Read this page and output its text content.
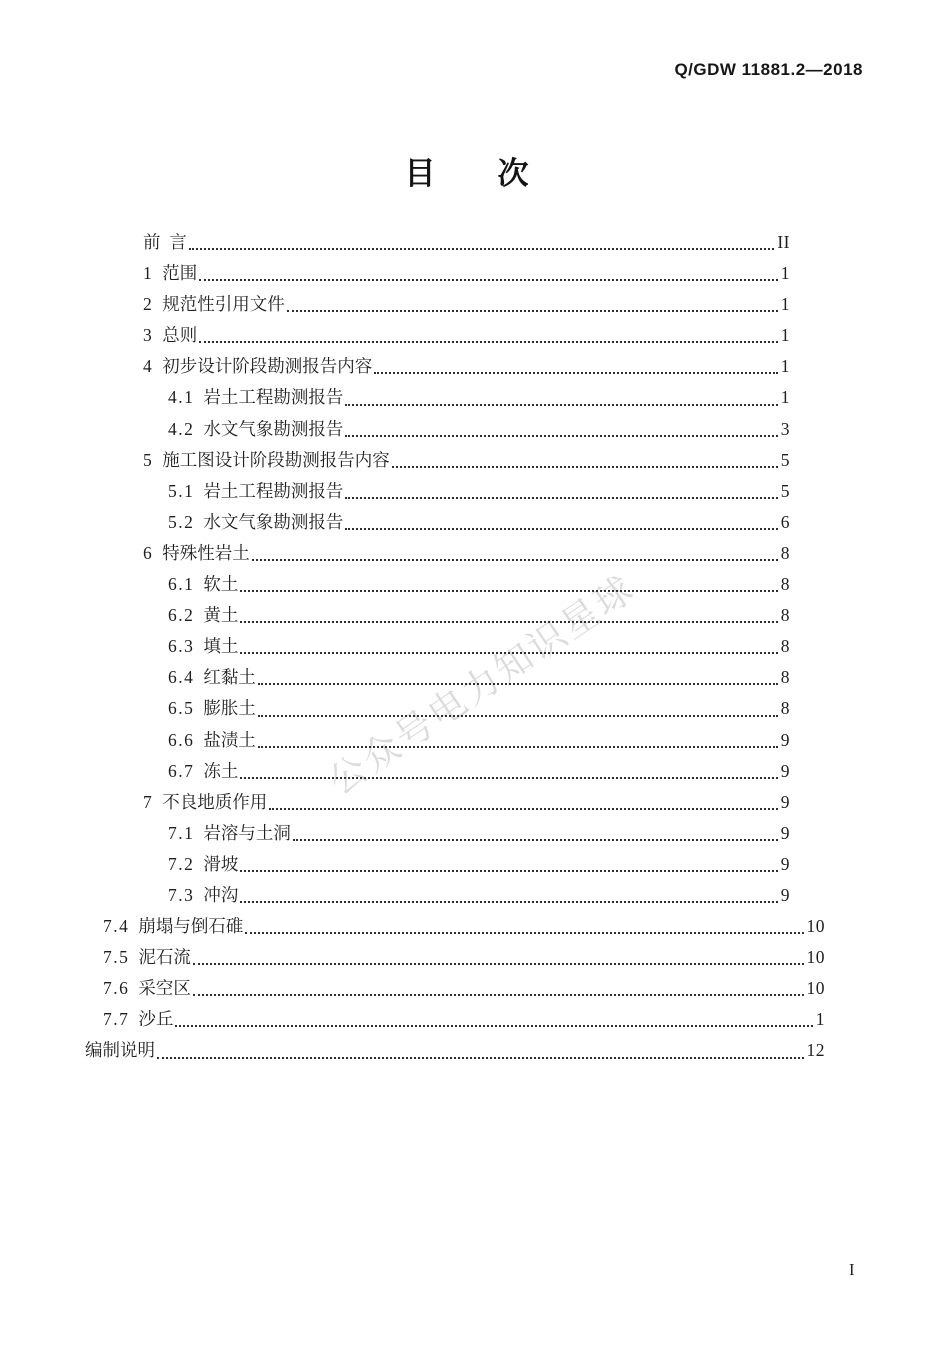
Q/GDW 11881.2—2018
目　　次
公众号电力知识星球
前  言	II
1 范围	1
2 规范性引用文件	1
3 总则	1
4 初步设计阶段勘测报告内容	1
4.1 岩土工程勘测报告	1
4.2 水文气象勘测报告	3
5 施工图设计阶段勘测报告内容	5
5.1 岩土工程勘测报告	5
5.2 水文气象勘测报告	6
6 特殊性岩土	8
6.1 软土	8
6.2 黄土	8
6.3 填土	8
6.4 红黏土	8
6.5 膨胀土	8
6.6 盐渍土	9
6.7 冻土	9
7 不良地质作用	9
7.1 岩溶与土洞	9
7.2 滑坡	9
7.3 冲沟	9
7.4 崩塌与倒石碓	10
7.5 泥石流	10
7.6 采空区	10
7.7 沙丘	1
编制说明	12
I
